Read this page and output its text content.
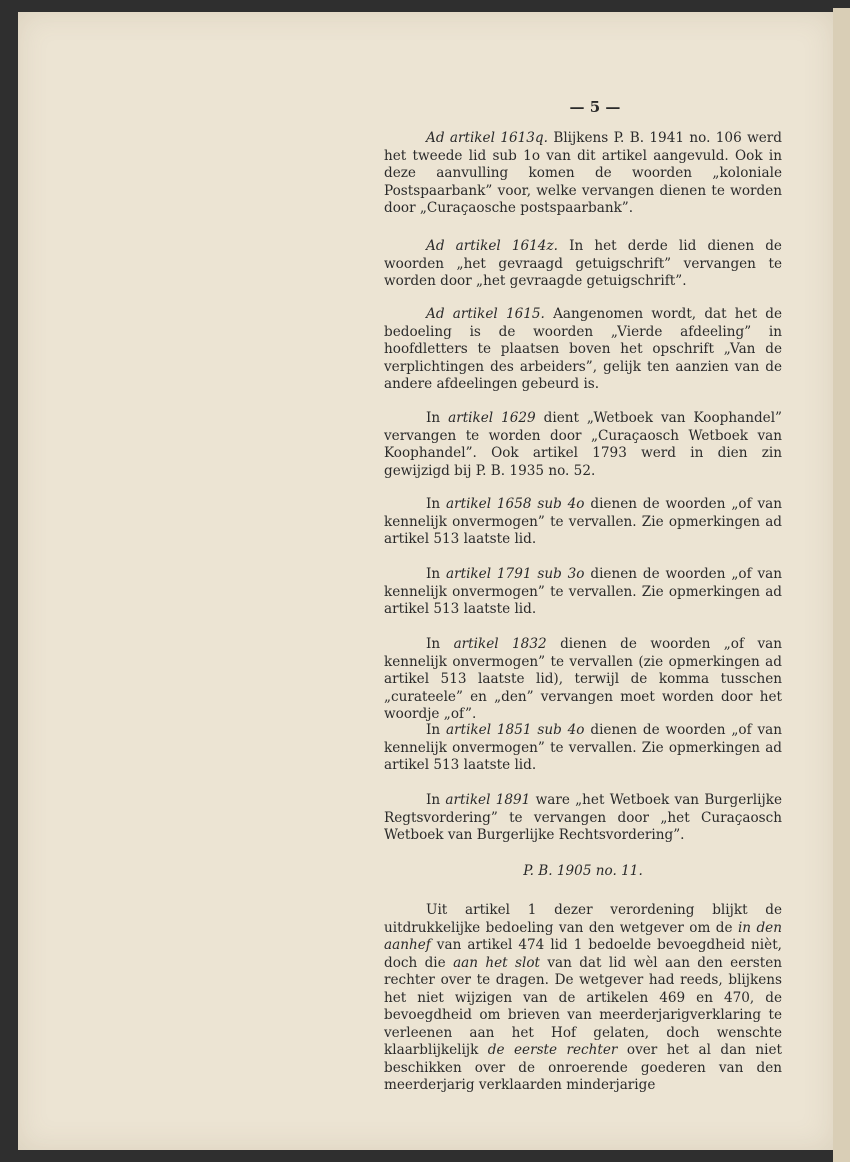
— 5 —

Ad artikel 1613q. Blijkens P. B. 1941 no. 106 werd het tweede lid sub 1o van dit artikel aangevuld. Ook in deze aanvulling komen de woorden „koloniale Postspaarbank” voor, welke vervangen dienen te worden door „Curaçaosche postspaarbank”.

Ad artikel 1614z. In het derde lid dienen de woorden „het gevraagd getuigschrift” vervangen te worden door „het gevraagde getuigschrift”.

Ad artikel 1615. Aangenomen wordt, dat het de bedoeling is de woorden „Vierde afdeeling” in hoofdletters te plaatsen boven het opschrift „Van de verplichtingen des arbeiders”, gelijk ten aanzien van de andere afdeelingen gebeurd is.

In artikel 1629 dient „Wetboek van Koophandel” vervangen te worden door „Curaçaosch Wetboek van Koophandel”. Ook artikel 1793 werd in dien zin gewijzigd bij P. B. 1935 no. 52.

In artikel 1658 sub 4o dienen de woorden „of van kennelijk onvermogen” te vervallen. Zie opmerkingen ad artikel 513 laatste lid.

In artikel 1791 sub 3o dienen de woorden „of van kennelijk onvermogen” te vervallen. Zie opmerkingen ad artikel 513 laatste lid.

In artikel 1832 dienen de woorden „of van kennelijk onvermogen” te vervallen (zie opmerkingen ad artikel 513 laatste lid), terwijl de komma tusschen „curateele” en „den” vervangen moet worden door het woordje „of”.

In artikel 1851 sub 4o dienen de woorden „of van kennelijk onvermogen” te vervallen. Zie opmerkingen ad artikel 513 laatste lid.

In artikel 1891 ware „het Wetboek van Burgerlijke Regtsvordering” te vervangen door „het Curaçaosch Wetboek van Burgerlijke Rechtsvordering”.

P. B. 1905 no. 11.

Uit artikel 1 dezer verordening blijkt de uitdrukkelijke bedoeling van den wetgever om de in den aanhef van artikel 474 lid 1 bedoelde bevoegdheid nièt, doch die aan het slot van dat lid wèl aan den eersten rechter over te dragen. De wetgever had reeds, blijkens het niet wijzigen van de artikelen 469 en 470, de bevoegdheid om brieven van meerderjarigverklaring te verleenen aan het Hof gelaten, doch wenschte klaarblijkelijk de eerste rechter over het al dan niet beschikken over de onroerende goederen van den meerderjarig verklaarden minderjarige
